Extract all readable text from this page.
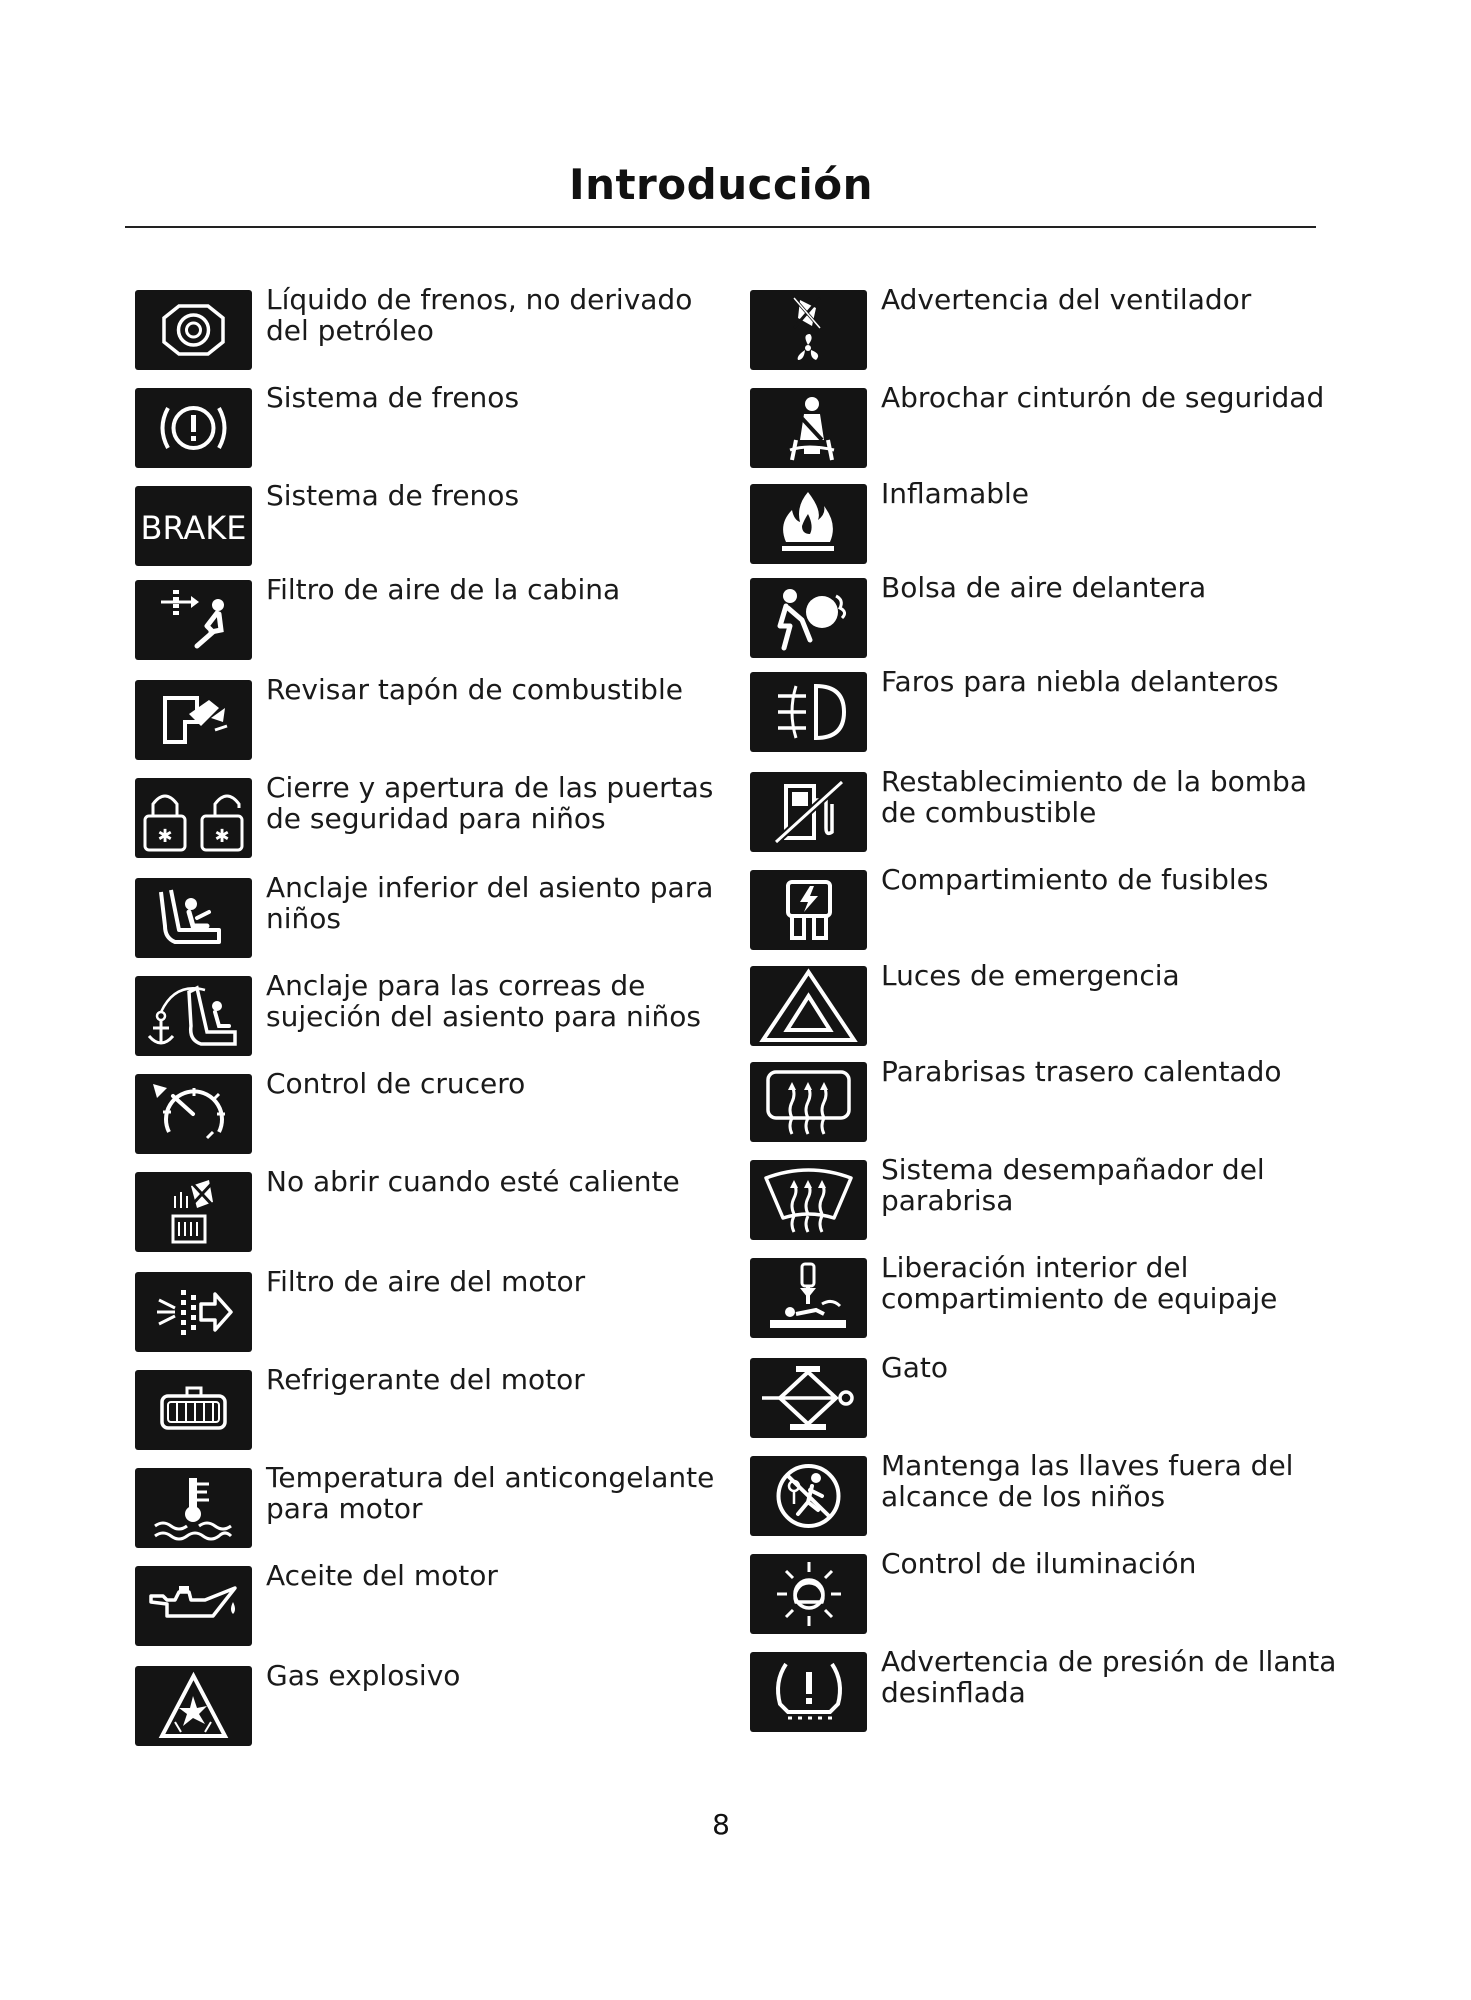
Introducción
Líquido de frenos, no derivado
del petróleo
Sistema de frenos
BRAKE
Sistema de frenos
Filtro de aire de la cabina
Revisar tapón de combustible
✱ ✱
Cierre y apertura de las puertas
de seguridad para niños
Anclaje inferior del asiento para
niños
Anclaje para las correas de
sujeción del asiento para niños
Control de crucero
No abrir cuando esté caliente
Filtro de aire del motor
Refrigerante del motor
Temperatura del anticongelante
para motor
Aceite del motor
Gas explosivo
Advertencia del ventilador
Abrochar cinturón de seguridad
Inflamable
Bolsa de aire delantera
Faros para niebla delanteros
Restablecimiento de la bomba
de combustible
Compartimiento de fusibles
Luces de emergencia
Parabrisas trasero calentado
Sistema desempañador del
parabrisa
Liberación interior del
compartimiento de equipaje
Gato
Mantenga las llaves fuera del
alcance de los niños
Control de iluminación
Advertencia de presión de llanta
desinflada
8
